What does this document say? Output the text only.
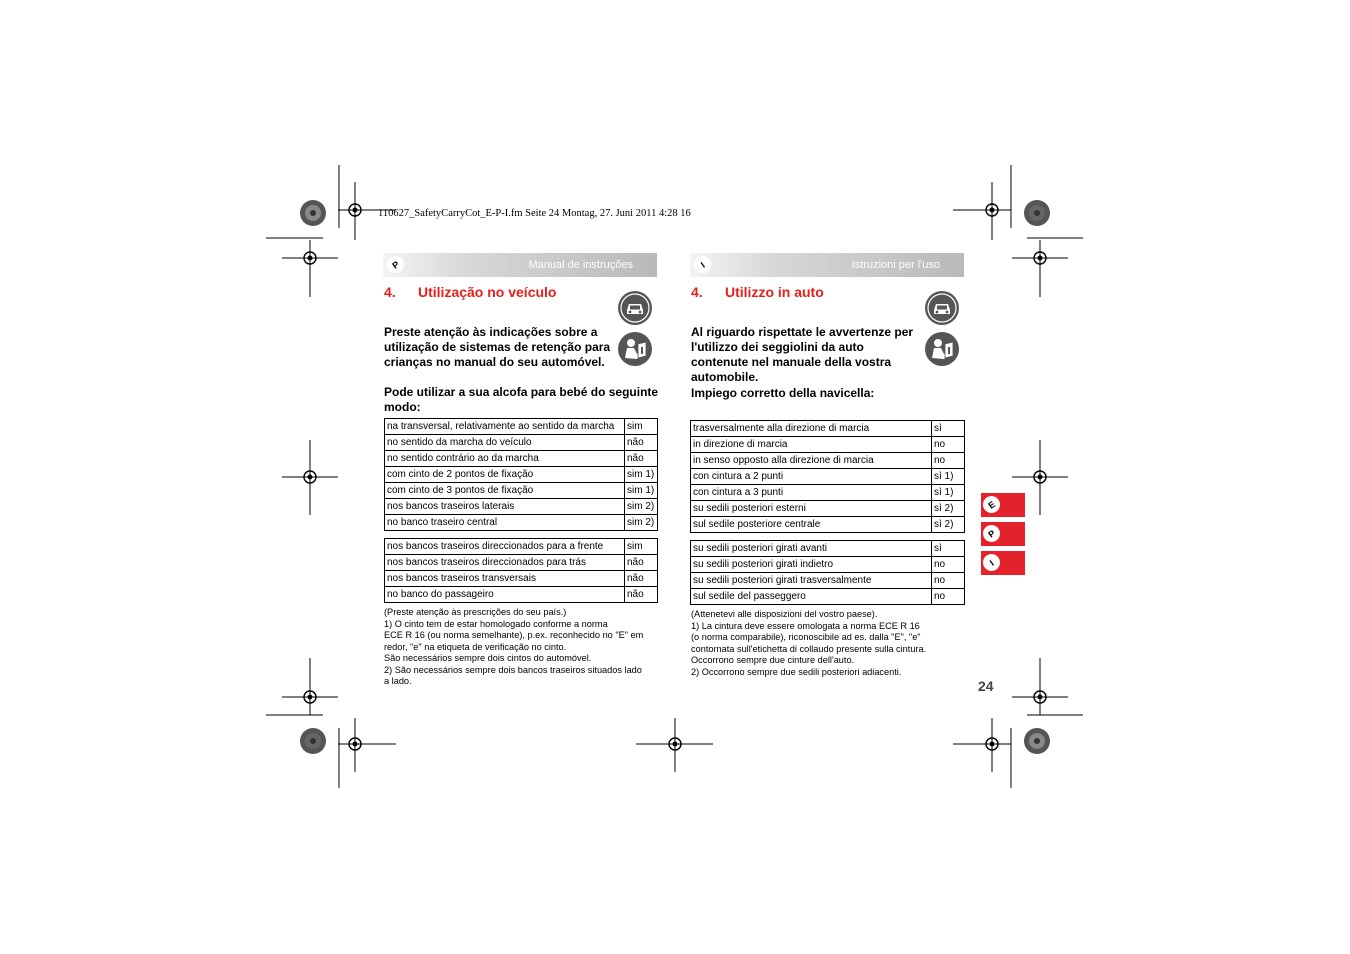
110627_SafetyCarryCot_E-P-I.fm Seite 24 Montag, 27. Juni 2011 4:28 16
P	Manual de instruções
4. Utilização no veículo
Preste atenção às indicações sobre a utilização de sistemas de retenção para crianças no manual do seu automóvel.
Pode utilizar a sua alcofa para bebé do seguinte modo:
na transversal, relativamente ao sentido da marcha	sim
no sentido da marcha do veículo	não
no sentido contrário ao da marcha	não
com cinto de 2 pontos de fixação	sim 1)
com cinto de 3 pontos de fixação	sim 1)
nos bancos traseiros laterais	sim 2)
no banco traseiro central	sim 2)
nos bancos traseiros direccionados para a frente	sim
nos bancos traseiros direccionados para trás	não
nos bancos traseiros transversais	não
no banco do passageiro	não

(Preste atenção às prescrições do seu país.)

1) O cinto tem de estar homologado conforme a norma

ECE R 16 (ou norma semelhante), p.ex. reconhecido no "E" em

redor, "e" na etiqueta de verificação no cinto.

São necessários sempre dois cintos do automóvel.

2) São necessários sempre dois bancos traseiros situados lado

a lado.

I	Istruzioni per l'uso
4. Utilizzo in auto
Al riguardo rispettate le avvertenze per l'utilizzo dei seggiolini da auto contenute nel manuale della vostra automobile.
Impiego corretto della navicella:
trasversalmente alla direzione di marcia	sì
in direzione di marcia	no
in senso opposto alla direzione di marcia	no
con cintura a 2 punti	sì 1)
con cintura a 3 punti	sì 1)
su sedili posteriori esterni	sì 2)
sul sedile posteriore centrale	sì 2)
su sedili posteriori girati avanti	sì
su sedili posteriori girati indietro	no
su sedili posteriori girati trasversalmente	no
sul sedile del passeggero	no

(Attenetevi alle disposizioni del vostro paese).

1) La cintura deve essere omologata a norma ECE R 16

(o norma comparabile), riconoscibile ad es. dalla "E", "e"

contornata sull'etichetta di collaudo presente sulla cintura.

Occorrono sempre due cinture dell'auto.

2) Occorrono sempre due sedili posteriori adiacenti.

E
P
I
24
